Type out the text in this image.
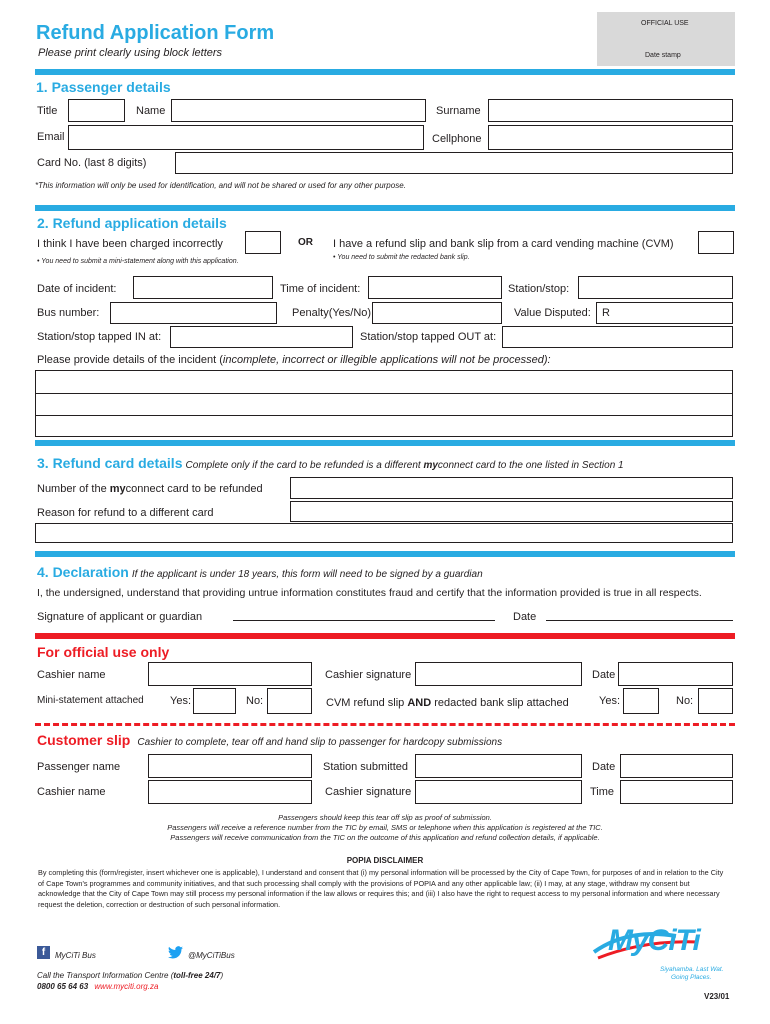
Refund Application Form
Please print clearly using block letters
OFFICIAL USE
Date stamp
1. Passenger details
Title	Name	Surname
Email	Cellphone
Card No. (last 8 digits)
*This information will only be used for identification, and will not be shared or used for any other purpose.
2. Refund application details
I think I have been charged incorrectly	OR I have a refund slip and bank slip from a card vending machine (CVM)
• You need to submit a mini-statement along with this application.
• You need to submit the redacted bank slip.
Date of incident:	Time of incident:	Station/stop:
Bus number:	Penalty(Yes/No)	Value Disputed: R
Station/stop tapped IN at:	Station/stop tapped OUT at:
Please provide details of the incident (incomplete, incorrect or illegible applications will not be processed):
3. Refund card details Complete only if the card to be refunded is a different myconnect card to the one listed in Section 1
Number of the myconnect card to be refunded
Reason for refund to a different card
4. Declaration If the applicant is under 18 years, this form will need to be signed by a guardian
I, the undersigned, understand that providing untrue information constitutes fraud and certify that the information provided is true in all respects.
Signature of applicant or guardian	Date
For official use only
Cashier name	Cashier signature	Date
Mini-statement attached Yes:	No:	CVM refund slip AND redacted bank slip attached	Yes:	No:
Customer slip Cashier to complete, tear off and hand slip to passenger for hardcopy submissions
Passenger name	Station submitted	Date
Cashier name	Cashier signature	Time
Passengers should keep this tear off slip as proof of submission.
Passengers will receive a reference number from the TIC by email, SMS or telephone when this application is registered at the TIC.
Passengers will receive communication from the TIC on the outcome of this application and refund collection details, if applicable.
POPIA DISCLAIMER
By completing this (form/register, insert whichever one is applicable), I understand and consent that (i) my personal information will be processed by the City of Cape Town, for purposes of and in relation to the City of Cape Town's programmes and community initiatives, and that such processing shall comply with the provisions of POPIA and any other applicable law; (ii) I may, at any stage, withdraw my consent but acknowledge that the City of Cape Town may still process my personal information if the law allows or requires this; and (iii) I also have the right to request access to my personal information and where necessary request the deletion, correction or destruction of such personal information.
f	MyCiTi Bus	@MyCiTiBus
Call the Transport Information Centre (toll-free 24/7)
0800 65 64 63 www.myciti.org.za
MyCiTi
Siyahamba. Last Wat.
Going Places.
V23/01
